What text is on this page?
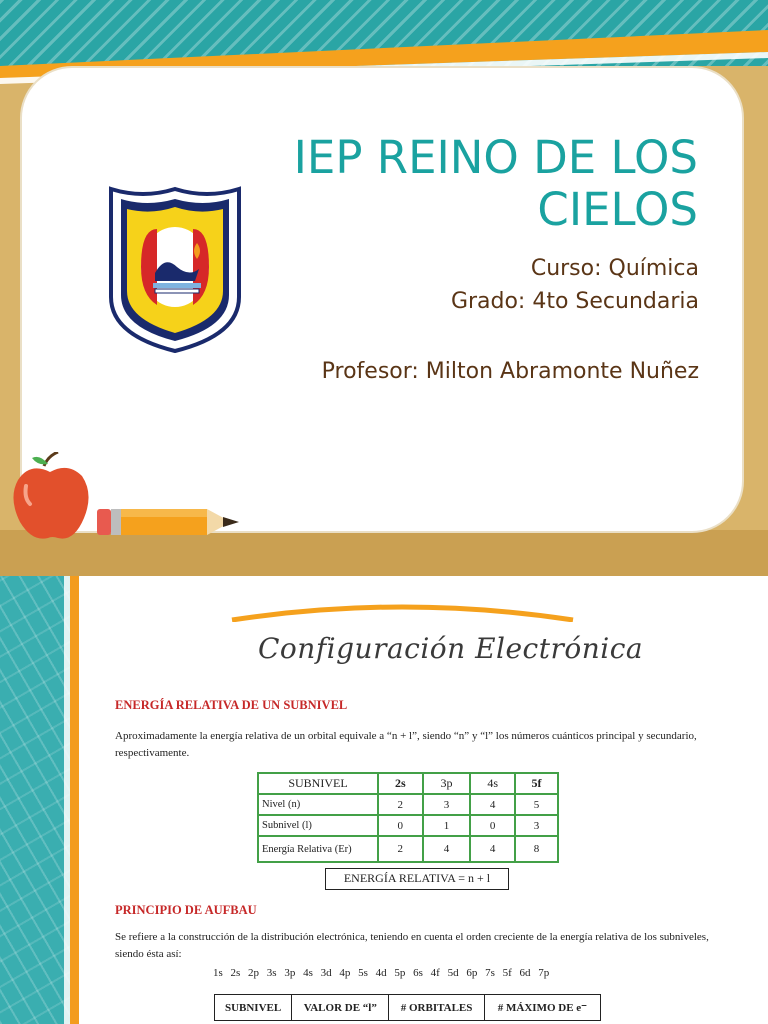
IEP REINO DE LOS CIELOS
Curso: Química
Grado: 4to Secundaria
Profesor: Milton Abramonte Nuñez
Configuración Electrónica
ENERGÍA RELATIVA DE UN SUBNIVEL
Aproximadamente la energía relativa de un orbital equivale a “n + l”, siendo “n” y “l” los números cuánticos principal y secundario, respectivamente.
SUBNIVEL	2s	3p	4s	5f
Nivel (n)	2	3	4	5
Subnivel (l)	0	1	0	3
Energía Relativa (Er)	2	4	4	8
ENERGÍA RELATIVA = n + l
PRINCIPIO DE AUFBAU
Se refiere a la construcción de la distribución electrónica, teniendo en cuenta el orden creciente de la energía relativa de los subniveles, siendo ésta así:
1s 2s 2p 3s 3p 4s 3d 4p 5s 4d 5p 6s 4f 5d 6p 7s 5f 6d 7p
SUBNIVEL	VALOR DE “l”	# ORBITALES	# MÁXIMO DE e⁻
